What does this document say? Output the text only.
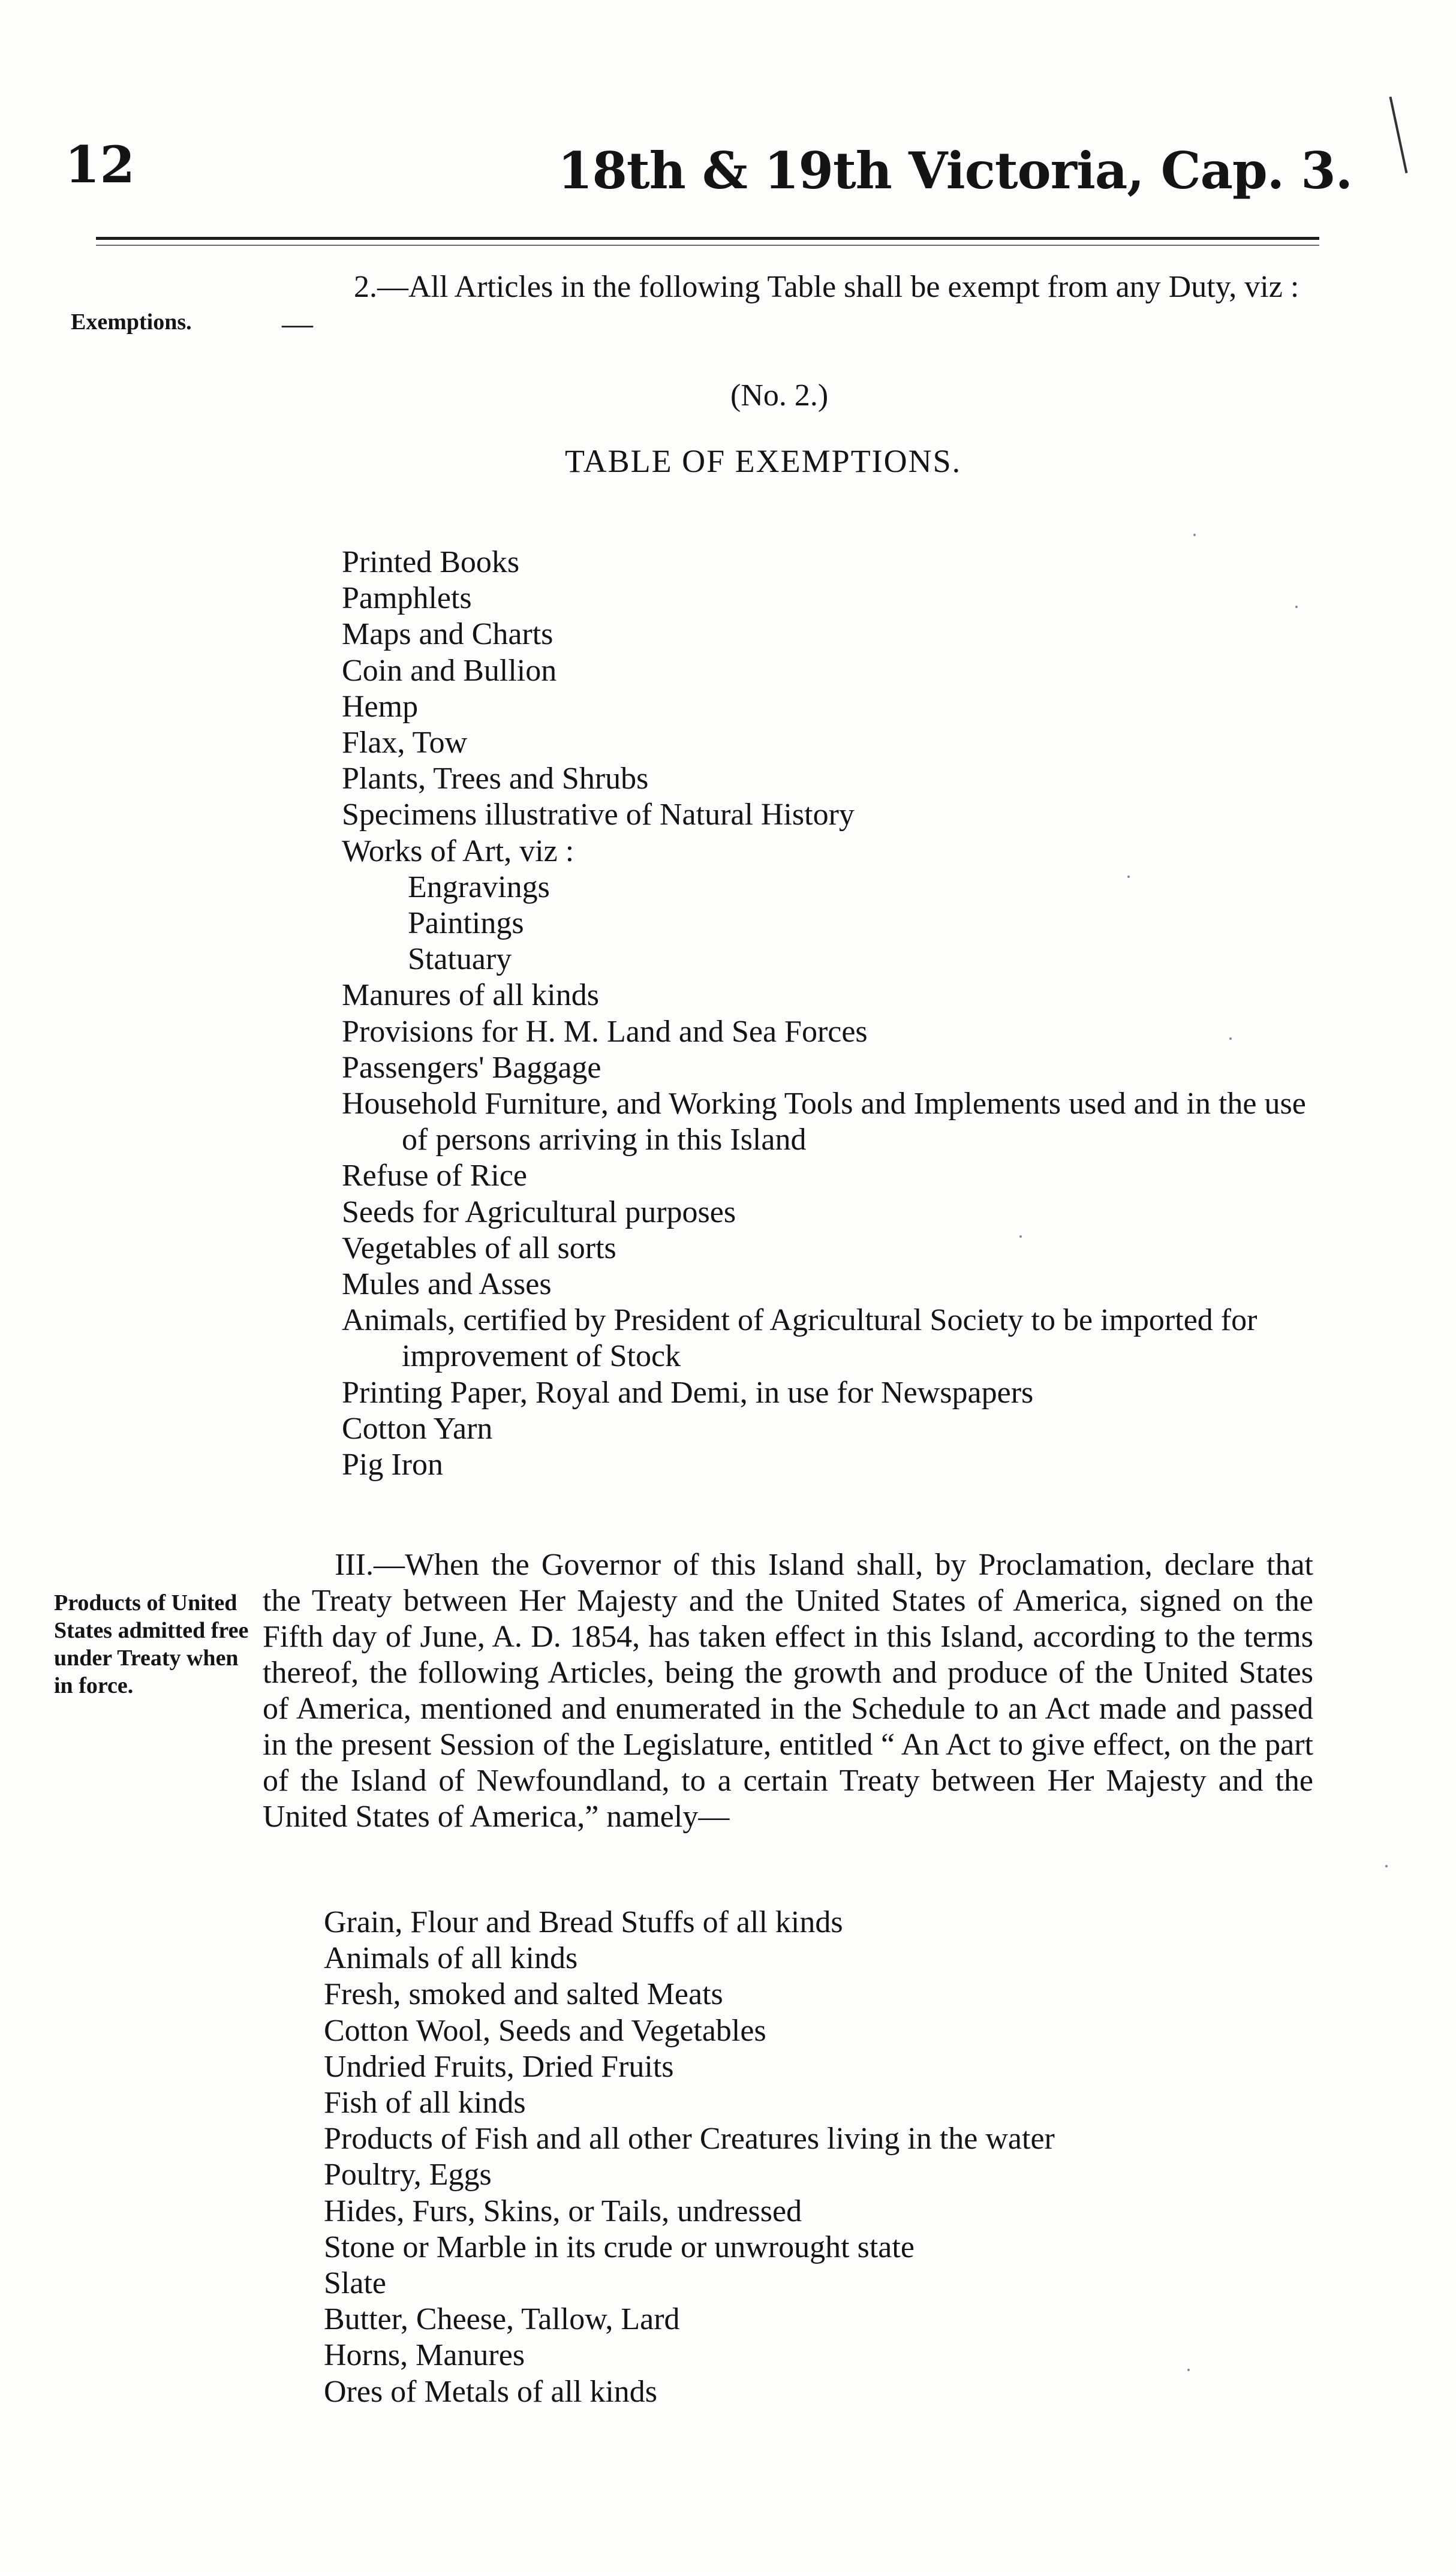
12	18th & 19th Victoria, Cap. 3.
Exemptions.
2.—All Articles in the following Table shall be exempt from any Duty, viz :—
(No. 2.)
TABLE OF EXEMPTIONS.
Printed Books
Pamphlets
Maps and Charts
Coin and Bullion
Hemp
Flax, Tow
Plants, Trees and Shrubs
Specimens illustrative of Natural History
Works of Art, viz :
Engravings
Paintings
Statuary
Manures of all kinds
Provisions for H. M. Land and Sea Forces
Passengers' Baggage
Household Furniture, and Working Tools and Implements used and in the use of persons arriving in this Island
Refuse of Rice
Seeds for Agricultural purposes
Vegetables of all sorts
Mules and Asses
Animals, certified by President of Agricultural Society to be imported for improvement of Stock
Printing Paper, Royal and Demi, in use for Newspapers
Cotton Yarn
Pig Iron
Products of United States admitted free under Treaty when in force.
III.—When the Governor of this Island shall, by Proclamation, declare that the Treaty between Her Majesty and the United States of America, signed on the Fifth day of June, A. D. 1854, has taken effect in this Island, according to the terms thereof, the following Articles, being the growth and produce of the United States of America, mentioned and enumerated in the Schedule to an Act made and passed in the present Session of the Legislature, entitled “ An Act to give effect, on the part of the Island of Newfoundland, to a certain Treaty between Her Majesty and the United States of America,” namely—
Grain, Flour and Bread Stuffs of all kinds
Animals of all kinds
Fresh, smoked and salted Meats
Cotton Wool, Seeds and Vegetables
Undried Fruits, Dried Fruits
Fish of all kinds
Products of Fish and all other Creatures living in the water
Poultry, Eggs
Hides, Furs, Skins, or Tails, undressed
Stone or Marble in its crude or unwrought state
Slate
Butter, Cheese, Tallow, Lard
Horns, Manures
Ores of Metals of all kinds
